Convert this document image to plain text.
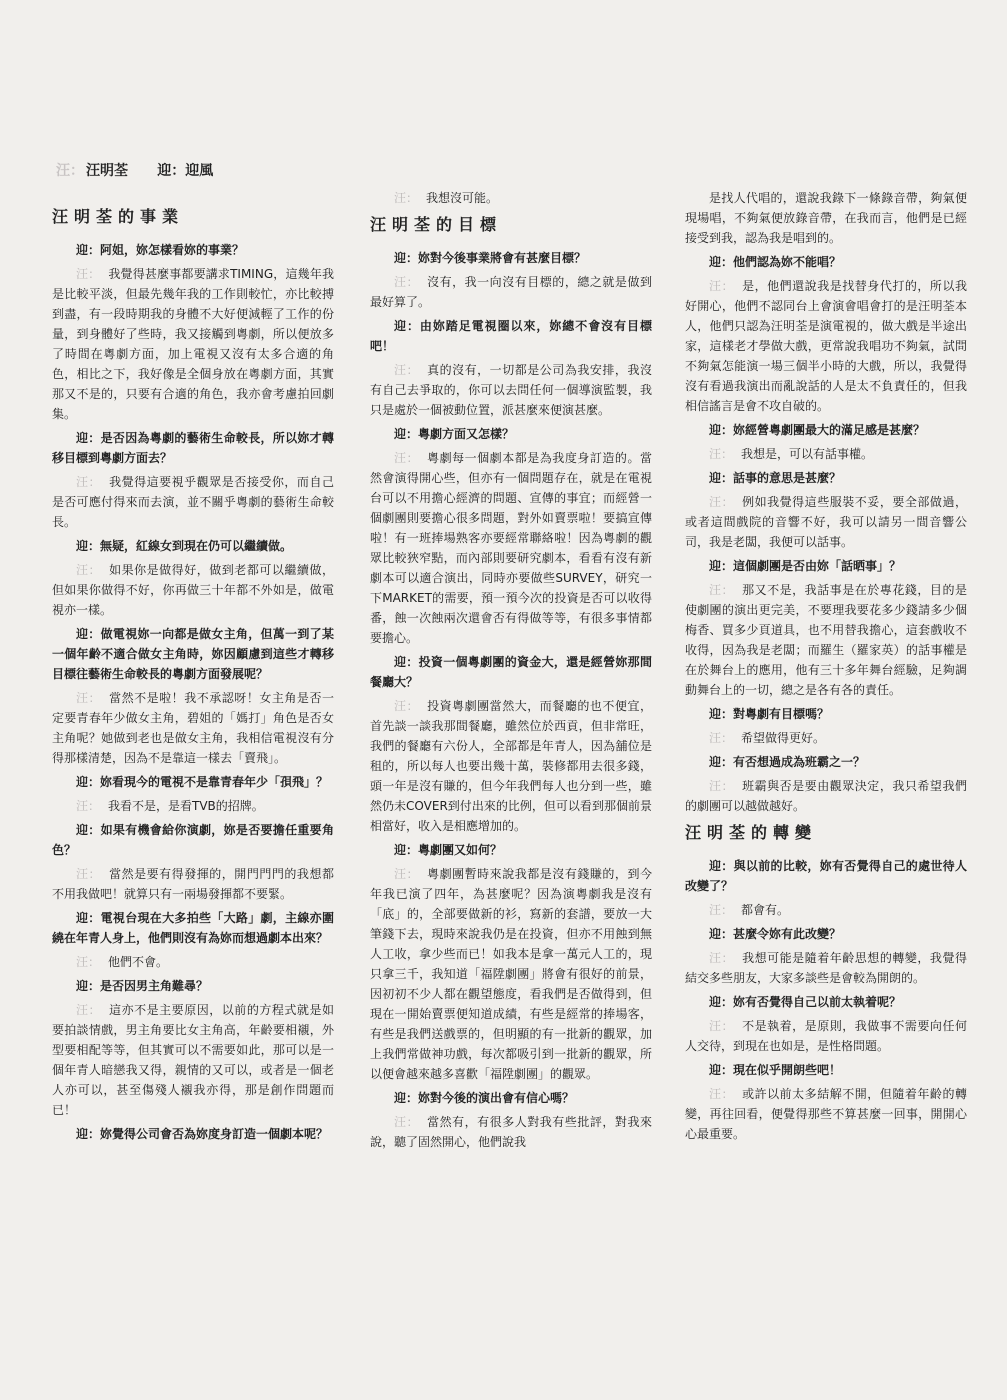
汪： 汪明荃 迎：迎風
汪明荃的事業

迎：阿姐，妳怎樣看妳的事業？

汪： 我覺得甚麼事都要講求TIMING，這幾年我是比較平淡，但最先幾年我的工作則較忙，亦比較搏到盡，有一段時期我的身體不大好便減輕了工作的份量，到身體好了些時，我又接觸到粵劇，所以便放多了時間在粵劇方面，加上電視又沒有太多合適的角色，相比之下，我好像是全個身放在粵劇方面，其實那又不是的，只要有合適的角色，我亦會考慮拍回劇集。

迎：是否因為粵劇的藝術生命較長，所以妳才轉移目標到粵劇方面去？

汪： 我覺得這要視乎觀眾是否接受你，而自己是否可應付得來而去演，並不關乎粵劇的藝術生命較長。

迎：無疑，紅線女到現在仍可以繼續做。

汪： 如果你是做得好，做到老都可以繼續做，但如果你做得不好，你再做三十年都不外如是，做電視亦一樣。

迎：做電視妳一向都是做女主角，但萬一到了某一個年齡不適合做女主角時，妳因顧慮到這些才轉移目標往藝術生命較長的粵劇方面發展呢？

汪： 當然不是啦！我不承認呀！女主角是否一定要青春年少做女主角，碧姐的「媽打」角色是否女主角呢？她做到老也是做女主角，我相信電視沒有分得那樣清楚，因為不是靠這一樣去「賣飛」。

迎：妳看現今的電視不是靠青春年少「孭飛」？

汪： 我看不是，是看TVB的招牌。

迎：如果有機會給你演劇，妳是否要擔任重要角色？

汪： 當然是要有得發揮的，開門門門的我想都不用我做吧！就算只有一兩場發揮都不要緊。

迎：電視台現在大多拍些「大路」劇，主線亦圍繞在年青人身上，他們則沒有為妳而想過劇本出來？

汪： 他們不會。

迎：是否因男主角難尋？

汪： 這亦不是主要原因，以前的方程式就是如要拍談情戲，男主角要比女主角高，年齡要相襯，外型要相配等等，但其實可以不需要如此，那可以是一個年青人暗戀我又得，親情的又可以，或者是一個老人亦可以，甚至傷殘人襯我亦得，那是創作問題而已！

迎：妳覺得公司會否為妳度身訂造一個劇本呢？

汪： 我想沒可能。

汪明荃的目標

迎：妳對今後事業將會有甚麼目標？

汪： 沒有，我一向沒有目標的，總之就是做到最好算了。

迎：由妳踏足電視圈以來，妳總不會沒有目標吧！

汪： 真的沒有，一切都是公司為我安排，我沒有自己去爭取的，你可以去問任何一個導演監製，我只是處於一個被動位置，派甚麼來便演甚麼。

迎：粵劇方面又怎樣？

汪： 粵劇每一個劇本都是為我度身訂造的。當然會演得開心些，但亦有一個問題存在，就是在電視台可以不用擔心經濟的問題、宣傳的事宜；而經營一個劇團則要擔心很多問題，對外如賣票啦！要搞宣傳啦！有一班捧場熟客亦要經常聯絡啦！因為粵劇的觀眾比較狹窄點，而內部則要研究劇本，看看有沒有新劇本可以適合演出，同時亦要做些SURVEY，研究一下MARKET的需要，預一預今次的投資是否可以收得番，蝕一次蝕兩次還會否有得做等等，有很多事情都要擔心。

迎：投資一個粵劇團的資金大，還是經營妳那間餐廳大？

汪： 投資粵劇團當然大，而餐廳的也不便宜，首先談一談我那間餐廳，雖然位於西貢，但非常旺，我們的餐廳有六份人，全部都是年青人，因為舖位是租的，所以每人也要出幾十萬，裝修都用去很多錢，頭一年是沒有賺的，但今年我們每人也分到一些，雖然仍未COVER到付出來的比例，但可以看到那個前景相當好，收入是相應增加的。

迎：粵劇團又如何？

汪： 粵劇團暫時來說我都是沒有錢賺的，到今年我已演了四年，為甚麼呢？因為演粵劇我是沒有「底」的，全部要做新的衫，寫新的套譜，要放一大筆錢下去，現時來說我仍是在投資，但亦不用蝕到無人工收，拿少些而已！如我本是拿一萬元人工的，現只拿三千，我知道「福陞劇團」將會有很好的前景，因初初不少人都在觀望態度，看我們是否做得到，但現在一開始賣票便知道成績，有些是經常的捧場客，有些是我們送戲票的，但明顯的有一批新的觀眾，加上我們常做神功戲，每次都吸引到一批新的觀眾，所以便會越來越多喜歡「福陞劇團」的觀眾。

迎：妳對今後的演出會有信心嗎？

汪： 當然有，有很多人對我有些批評，對我來說，聽了固然開心，他們說我

是找人代唱的，還說我錄下一條錄音帶，夠氣便現場唱，不夠氣便放錄音帶，在我而言，他們是已經接受到我，認為我是唱到的。

迎：他們認為妳不能唱？

汪： 是，他們還說我是找替身代打的，所以我好開心，他們不認同台上會演會唱會打的是汪明荃本人，他們只認為汪明荃是演電視的，做大戲是半途出家，這樣老才學做大戲，更常說我唱功不夠氣，試問不夠氣怎能演一場三個半小時的大戲，所以，我覺得沒有看過我演出而亂說話的人是太不負責任的，但我相信謠言是會不攻自破的。

迎：妳經營粵劇團最大的滿足感是甚麼？

汪： 我想是，可以有話事權。

迎：話事的意思是甚麼？

汪： 例如我覺得這些服裝不妥，要全部做過，或者這間戲院的音響不好，我可以請另一間音響公司，我是老闆，我便可以話事。

迎：這個劇團是否由妳「話晒事」？

汪： 那又不是，我話事是在於專花錢，目的是使劇團的演出更完美，不要理我要花多少錢請多少個梅香、買多少頁道具，也不用替我擔心，這套戲收不收得，因為我是老闆；而羅生（羅家英）的話事權是在於舞台上的應用，他有三十多年舞台經驗，足夠調動舞台上的一切，總之是各有各的責任。

迎：對粵劇有目標嗎？

汪： 希望做得更好。

迎：有否想過成為班霸之一？

汪： 班霸與否是要由觀眾決定，我只希望我們的劇團可以越做越好。

汪明荃的轉變

迎：與以前的比較，妳有否覺得自己的處世待人改變了？

汪： 都會有。

迎：甚麼令妳有此改變？

汪： 我想可能是隨着年齡思想的轉變，我覺得結交多些朋友，大家多談些是會較為開朗的。

迎：妳有否覺得自己以前太執着呢？

汪： 不是執着，是原則，我做事不需要向任何人交待，到現在也如是，是性格問題。

迎：現在似乎開朗些吧！

汪： 或許以前太多結解不開，但隨着年齡的轉變，再往回看，便覺得那些不算甚麼一回事，開開心心最重要。
